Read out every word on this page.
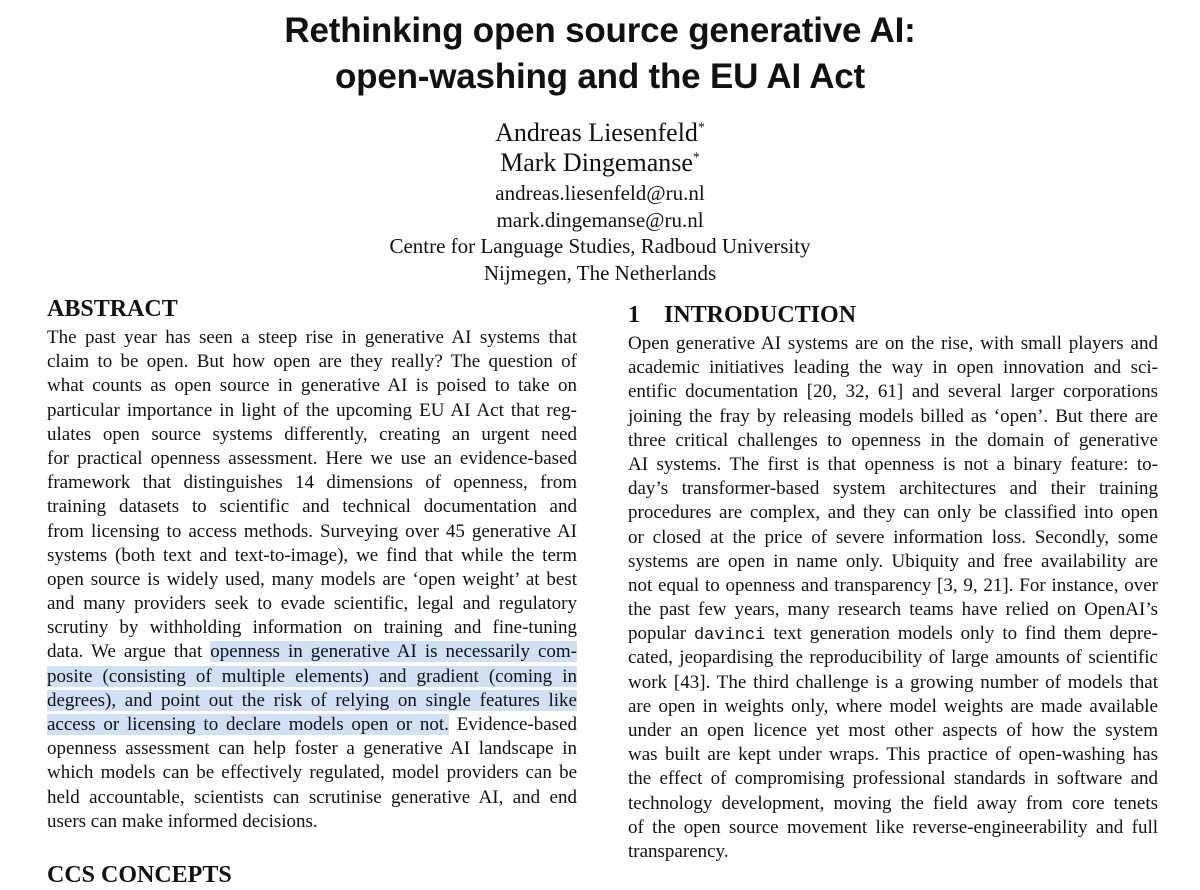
Rethinking open source generative AI:
open-washing and the EU AI Act
Andreas Liesenfeld*
Mark Dingemanse*
andreas.liesenfeld@ru.nl
mark.dingemanse@ru.nl
Centre for Language Studies, Radboud University
Nijmegen, The Netherlands
ABSTRACT
The past year has seen a steep rise in generative AI systems that
claim to be open. But how open are they really? The question of
what counts as open source in generative AI is poised to take on
particular importance in light of the upcoming EU AI Act that reg-
ulates open source systems differently, creating an urgent need
for practical openness assessment. Here we use an evidence-based
framework that distinguishes 14 dimensions of openness, from
training datasets to scientific and technical documentation and
from licensing to access methods. Surveying over 45 generative AI
systems (both text and text-to-image), we find that while the term
open source is widely used, many models are ‘open weight’ at best
and many providers seek to evade scientific, legal and regulatory
scrutiny by withholding information on training and fine-tuning
data. We argue that openness in generative AI is necessarily com-
posite (consisting of multiple elements) and gradient (coming in
degrees), and point out the risk of relying on single features like
access or licensing to declare models open or not. Evidence-based
openness assessment can help foster a generative AI landscape in
which models can be effectively regulated, model providers can be
held accountable, scientists can scrutinise generative AI, and end
users can make informed decisions.
CCS CONCEPTS
1 INTRODUCTION
Open generative AI systems are on the rise, with small players and
academic initiatives leading the way in open innovation and sci-
entific documentation [20, 32, 61] and several larger corporations
joining the fray by releasing models billed as ‘open’. But there are
three critical challenges to openness in the domain of generative
AI systems. The first is that openness is not a binary feature: to-
day’s transformer-based system architectures and their training
procedures are complex, and they can only be classified into open
or closed at the price of severe information loss. Secondly, some
systems are open in name only. Ubiquity and free availability are
not equal to openness and transparency [3, 9, 21]. For instance, over
the past few years, many research teams have relied on OpenAI’s
popular davinci text generation models only to find them depre-
cated, jeopardising the reproducibility of large amounts of scientific
work [43]. The third challenge is a growing number of models that
are open in weights only, where model weights are made available
under an open licence yet most other aspects of how the system
was built are kept under wraps. This practice of open-washing has
the effect of compromising professional standards in software and
technology development, moving the field away from core tenets
of the open source movement like reverse-engineerability and full
transparency.
